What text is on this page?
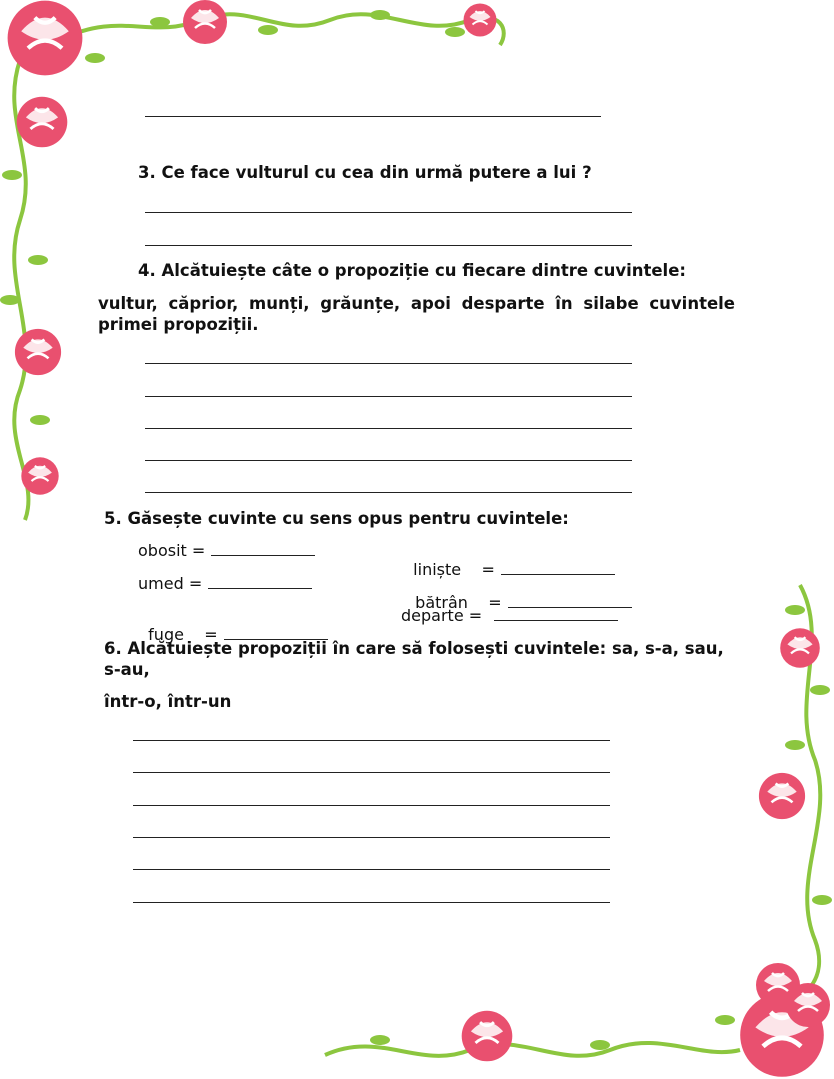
3. Ce face vulturul cu cea din urmă putere a lui ?
4. Alcătuiește câte o propoziție cu fiecare dintre cuvintele:
vultur, căprior, munți, grăunțe, apoi desparte în silabe cuvintele primei propoziții.
5. Găsește cuvinte cu sens opus pentru cuvintele:
obosit =

liniște    =

umed =

bătrân    =

fuge    =

departe =
6. Alcătuiește propoziții în care să folosești cuvintele: sa, s-a, sau, s-au,
într-o, într-un
